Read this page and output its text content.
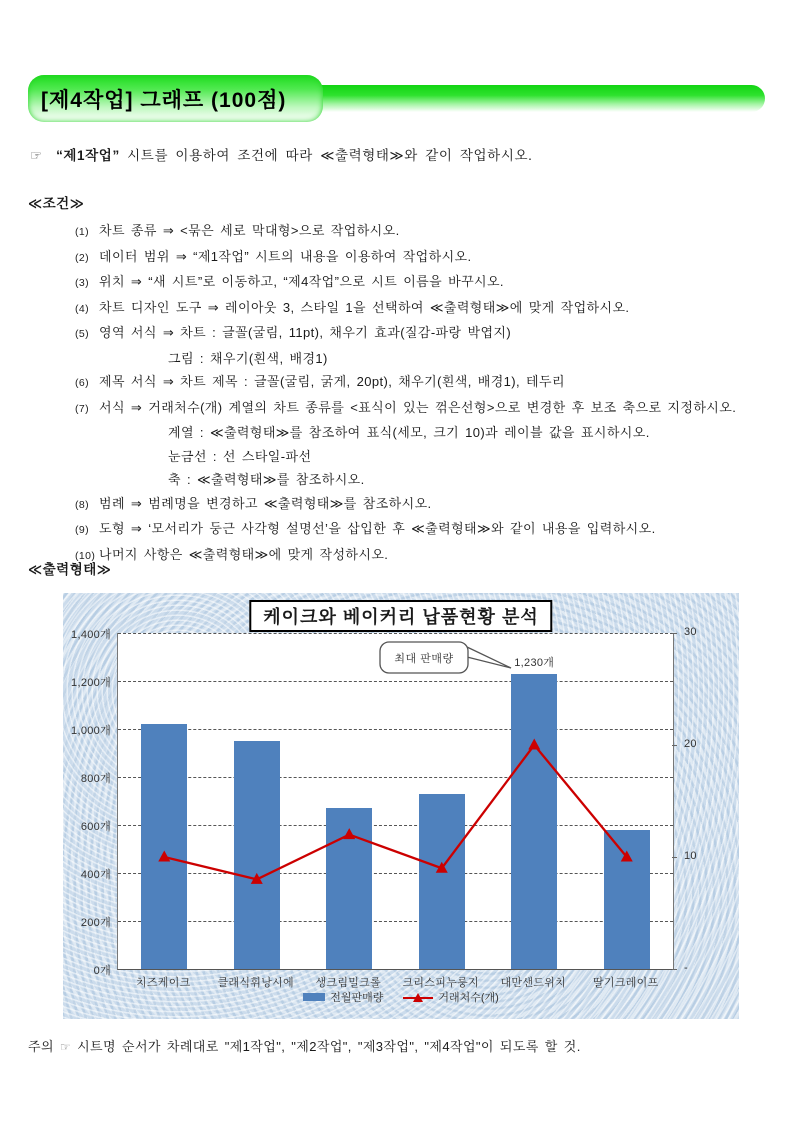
[제4작업] 그래프 (100점)
☞ “제1작업” 시트를 이용하여 조건에 따라 ≪출력형태≫와 같이 작업하시오.
≪조건≫
(1) 차트 종류 ⇒ <묶은 세로 막대형>으로 작업하시오.
(2) 데이터 범위 ⇒ “제1작업” 시트의 내용을 이용하여 작업하시오.
(3) 위치 ⇒ “새 시트”로 이동하고, “제4작업”으로 시트 이름을 바꾸시오.
(4) 차트 디자인 도구 ⇒ 레이아웃 3, 스타일 1을 선택하여 ≪출력형태≫에 맞게 작업하시오.
(5) 영역 서식 ⇒ 차트 : 글꼴(굴림, 11pt), 채우기 효과(질감-파랑 박엽지)
그림 : 채우기(흰색, 배경1)
(6) 제목 서식 ⇒ 차트 제목 : 글꼴(굴림, 굵게, 20pt), 채우기(흰색, 배경1), 테두리
(7) 서식 ⇒ 거래처수(개) 계열의 차트 종류를 <표식이 있는 꺾은선형>으로 변경한 후 보조 축으로 지정하시오.
계열 : ≪출력형태≫를 참조하여 표식(세모, 크기 10)과 레이블 값을 표시하시오.
눈금선 : 선 스타일-파선
축 : ≪출력형태≫를 참조하시오.
(8) 범례 ⇒ 범례명을 변경하고 ≪출력형태≫를 참조하시오.
(9) 도형 ⇒ ‘모서리가 둥근 사각형 설명선’을 삽입한 후 ≪출력형태≫와 같이 내용을 입력하시오.
(10) 나머지 사항은 ≪출력형태≫에 맞게 작성하시오.
≪출력형태≫
케이크와 베이커리 납품현황 분석
1,230개
최대 판매량
0개
200개
400개
600개
800개
1,000개
1,200개
1,400개
-
10
20
30
치즈케이크	클래식휘낭시에	생크림밀크롤	크리스피누룽지	대만샌드위치	딸기크레이프
전월판매량	거래처수(개)
주의 ☞ 시트명 순서가 차례대로 "제1작업", "제2작업", "제3작업", "제4작업"이 되도록 할 것.
